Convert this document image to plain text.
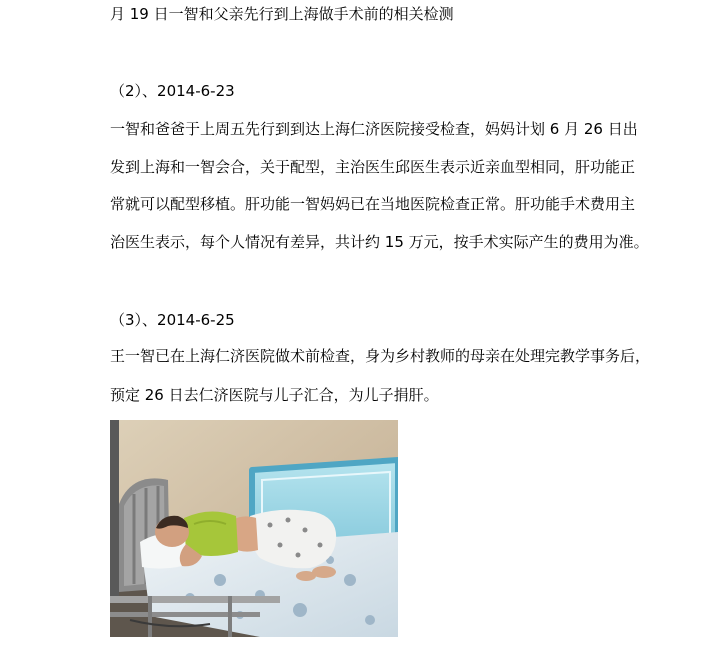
月 19 日一智和父亲先行到上海做手术前的相关检测
（2）、2014-6-23
一智和爸爸于上周五先行到到达上海仁济医院接受检查，妈妈计划 6 月 26 日出
发到上海和一智会合，关于配型，主治医生邱医生表示近亲血型相同，肝功能正
常就可以配型移植。肝功能一智妈妈已在当地医院检查正常。肝功能手术费用主
治医生表示，每个人情况有差异，共计约 15 万元，按手术实际产生的费用为准。
（3）、2014-6-25
王一智已在上海仁济医院做术前检查，身为乡村教师的母亲在处理完教学事务后，
预定 26 日去仁济医院与儿子汇合，为儿子捐肝。
